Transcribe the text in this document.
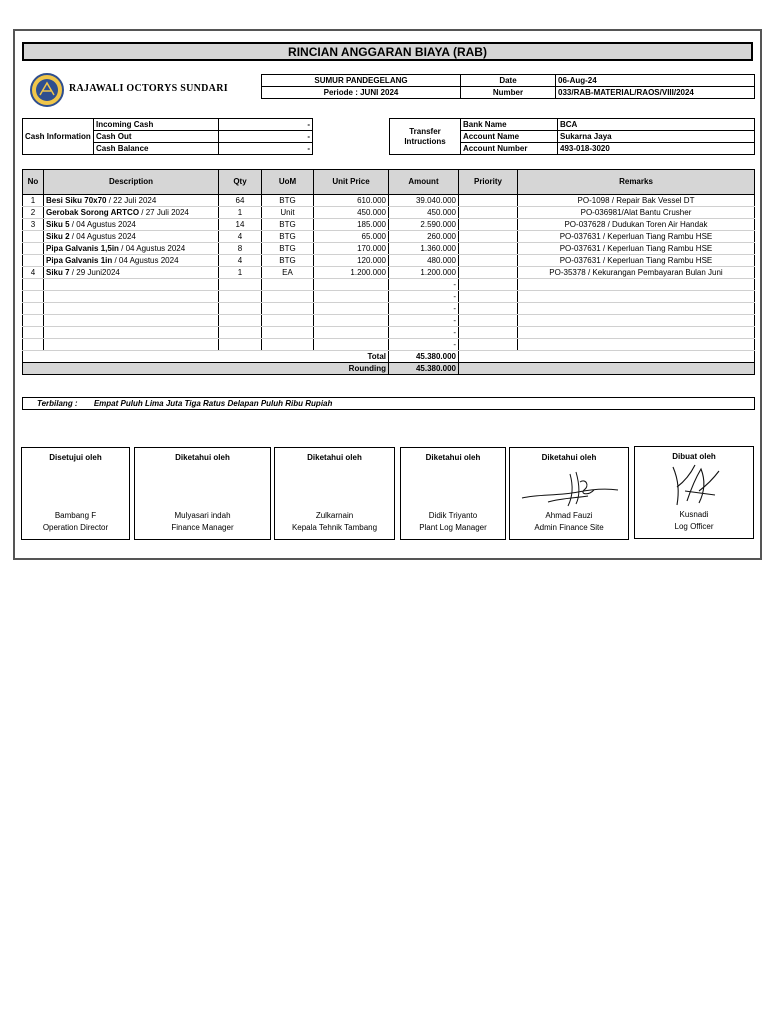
RINCIAN ANGGARAN BIAYA (RAB)
RAJAWALI OCTORYS SUNDARI
SUMUR PANDEGELANG	Date	06-Aug-24
Periode : JUNI 2024	Number	033/RAB-MATERIAL/RAOS/VIII/2024
Cash Information	Incoming Cash	-
	Cash Out	-
	Cash Balance	-
Transfer Intructions	Bank Name	BCA
	Account Name	Sukarna Jaya
	Account Number	493-018-3020
No	Description	Qty	UoM	Unit Price	Amount	Priority	Remarks
1	Besi Siku 70x70 / 22 Juli 2024	64	BTG	610.000	39.040.000		PO-1098 / Repair Bak Vessel DT
2	Gerobak Sorong ARTCO / 27 Juli 2024	1	Unit	450.000	450.000		PO-036981/Alat Bantu Crusher
3	Siku 5 / 04 Agustus 2024	14	BTG	185.000	2.590.000		PO-037628 / Dudukan Toren Air Handak
	Siku 2 / 04 Agustus 2024	4	BTG	65.000	260.000		PO-037631 / Keperluan Tiang Rambu HSE
	Pipa Galvanis 1,5in / 04 Agustus 2024	8	BTG	170.000	1.360.000		PO-037631 / Keperluan Tiang Rambu HSE
	Pipa Galvanis 1in / 04 Agustus 2024	4	BTG	120.000	480.000		PO-037631 / Keperluan Tiang Rambu HSE
4	Siku 7 / 29 Juni2024	1	EA	1.200.000	1.200.000		PO-35378 / Kekurangan Pembayaran Bulan Juni
					-		
					-		
					-		
					-		
					-		
					-		
Total					45.380.000		
Rounding					45.380.000		
Terbilang : Empat Puluh Lima Juta Tiga Ratus Delapan Puluh Ribu Rupiah
Disetujui oleh
Bambang F
Operation Director
Diketahui oleh
Mulyasari indah
Finance Manager
Diketahui oleh
Zulkarnain
Kepala Tehnik Tambang
Diketahui oleh
Didik Triyanto
Plant Log Manager
Diketahui oleh
Ahmad Fauzi
Admin Finance Site
Dibuat oleh
Kusnadi
Log Officer
